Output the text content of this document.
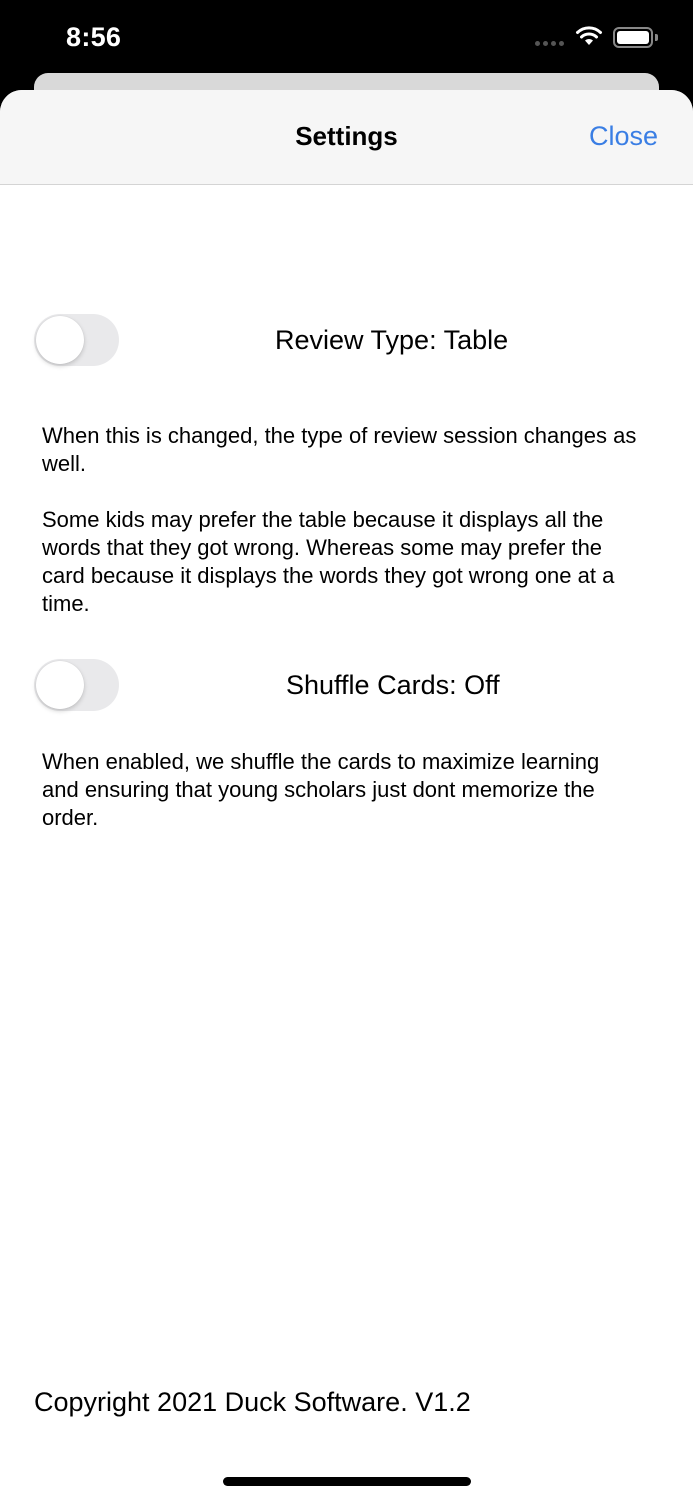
8:56
Settings	Close
Review Type: Table

When this is changed, the type of review session changes as well.

Some kids may prefer the table because it displays all the words that they got wrong. Whereas some may prefer the card because it displays the words they got wrong one at a time.

Shuffle Cards: Off

When enabled, we shuffle the cards to maximize learning and ensuring that young scholars just dont memorize the order.

Copyright 2021 Duck Software. V1.2
